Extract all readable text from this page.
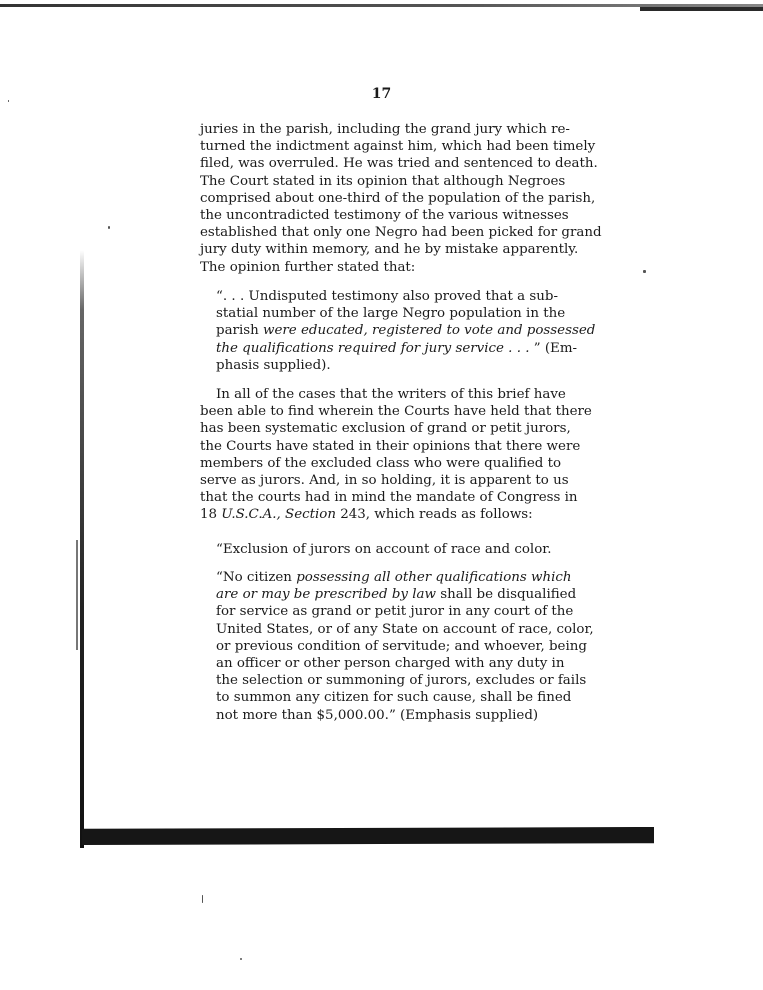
17
juries in the parish, including the grand jury which re-
turned the indictment against him, which had been timely
filed, was overruled. He was tried and sentenced to death.
The Court stated in its opinion that although Negroes
comprised about one-third of the population of the parish,
the uncontradicted testimony of the various witnesses
established that only one Negro had been picked for grand
jury duty within memory, and he by mistake apparently.
The opinion further stated that:
“. . . Undisputed testimony also proved that a sub-
statial number of the large Negro population in the
parish were educated, registered to vote and possessed
the qualifications required for jury service . . . ” (Em-
phasis supplied).
In all of the cases that the writers of this brief have
been able to find wherein the Courts have held that there
has been systematic exclusion of grand or petit jurors,
the Courts have stated in their opinions that there were
members of the excluded class who were qualified to
serve as jurors. And, in so holding, it is apparent to us
that the courts had in mind the mandate of Congress in
18 U.S.C.A., Section 243, which reads as follows:
“Exclusion of jurors on account of race and color.
“No citizen possessing all other qualifications which
are or may be prescribed by law shall be disqualified
for service as grand or petit juror in any court of the
United States, or of any State on account of race, color,
or previous condition of servitude; and whoever, being
an officer or other person charged with any duty in
the selection or summoning of jurors, excludes or fails
to summon any citizen for such cause, shall be fined
not more than $5,000.00.” (Emphasis supplied)
